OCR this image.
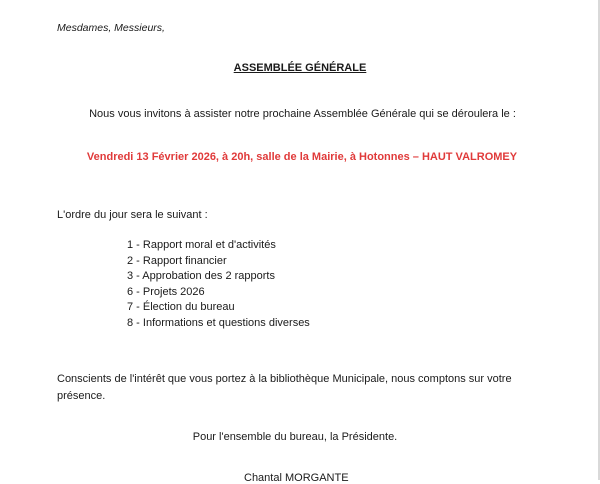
Mesdames, Messieurs,
ASSEMBLÉE GÉNÉRALE
Nous vous invitons à assister notre prochaine Assemblée Générale qui se déroulera le :
Vendredi 13 Février 2026, à 20h, salle de la Mairie, à Hotonnes – HAUT VALROMEY
L'ordre du jour sera le suivant :
1 - Rapport moral et d'activités
2 - Rapport financier
3 - Approbation des 2 rapports
6 - Projets 2026
7 - Élection du bureau
8 - Informations et questions diverses
Conscients de l'intérêt que vous portez à la bibliothèque Municipale, nous comptons sur votre présence.
Pour l'ensemble du bureau, la Présidente.
Chantal MORGANTE
